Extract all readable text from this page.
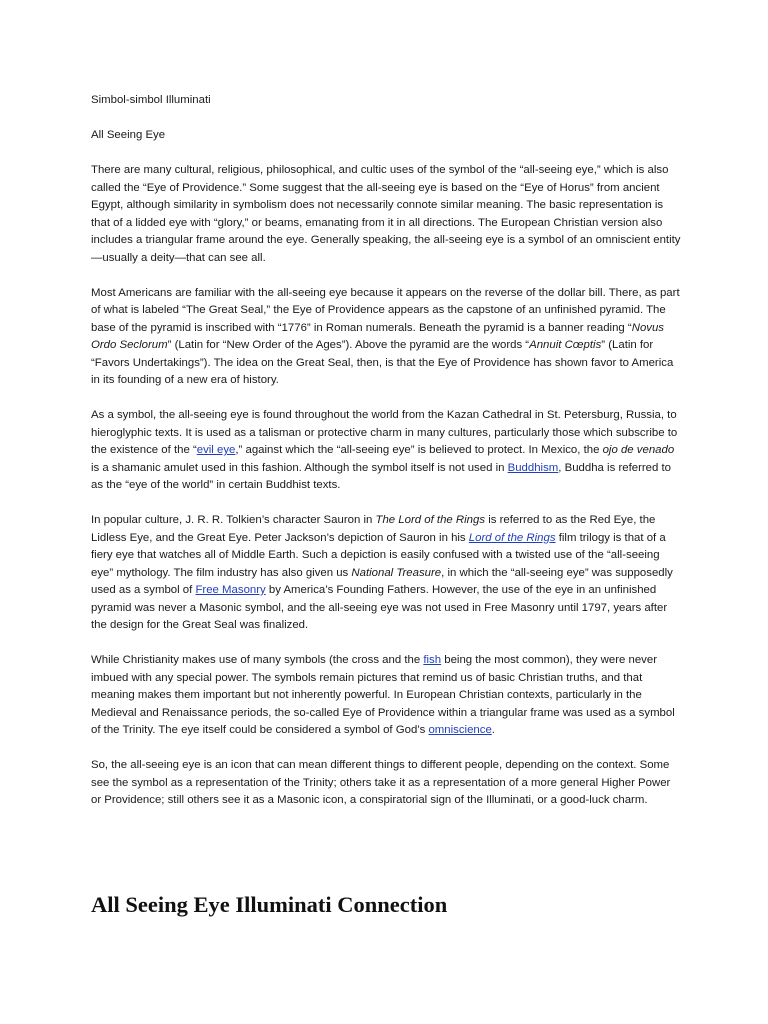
Simbol-simbol Illuminati

All Seeing Eye

There are many cultural, religious, philosophical, and cultic uses of the symbol of the “all-seeing eye,” which is also called the “Eye of Providence.” Some suggest that the all-seeing eye is based on the “Eye of Horus” from ancient Egypt, although similarity in symbolism does not necessarily connote similar meaning. The basic representation is that of a lidded eye with “glory,” or beams, emanating from it in all directions. The European Christian version also includes a triangular frame around the eye. Generally speaking, the all-seeing eye is a symbol of an omniscient entity—usually a deity—that can see all.

Most Americans are familiar with the all-seeing eye because it appears on the reverse of the dollar bill. There, as part of what is labeled “The Great Seal,” the Eye of Providence appears as the capstone of an unfinished pyramid. The base of the pyramid is inscribed with “1776” in Roman numerals. Beneath the pyramid is a banner reading “Novus Ordo Seclorum” (Latin for “New Order of the Ages”). Above the pyramid are the words “Annuit Cœptis” (Latin for “Favors Undertakings”). The idea on the Great Seal, then, is that the Eye of Providence has shown favor to America in its founding of a new era of history.

As a symbol, the all-seeing eye is found throughout the world from the Kazan Cathedral in St. Petersburg, Russia, to hieroglyphic texts. It is used as a talisman or protective charm in many cultures, particularly those which subscribe to the existence of the “evil eye,” against which the “all-seeing eye” is believed to protect. In Mexico, the ojo de venado is a shamanic amulet used in this fashion. Although the symbol itself is not used in Buddhism, Buddha is referred to as the “eye of the world” in certain Buddhist texts.

In popular culture, J. R. R. Tolkien’s character Sauron in The Lord of the Rings is referred to as the Red Eye, the Lidless Eye, and the Great Eye. Peter Jackson’s depiction of Sauron in his Lord of the Rings film trilogy is that of a fiery eye that watches all of Middle Earth. Such a depiction is easily confused with a twisted use of the “all-seeing eye” mythology. The film industry has also given us National Treasure, in which the “all-seeing eye” was supposedly used as a symbol of Free Masonry by America’s Founding Fathers. However, the use of the eye in an unfinished pyramid was never a Masonic symbol, and the all-seeing eye was not used in Free Masonry until 1797, years after the design for the Great Seal was finalized.

While Christianity makes use of many symbols (the cross and the fish being the most common), they were never imbued with any special power. The symbols remain pictures that remind us of basic Christian truths, and that meaning makes them important but not inherently powerful. In European Christian contexts, particularly in the Medieval and Renaissance periods, the so-called Eye of Providence within a triangular frame was used as a symbol of the Trinity. The eye itself could be considered a symbol of God’s omniscience.

So, the all-seeing eye is an icon that can mean different things to different people, depending on the context. Some see the symbol as a representation of the Trinity; others take it as a representation of a more general Higher Power or Providence; still others see it as a Masonic icon, a conspiratorial sign of the Illuminati, or a good-luck charm.

All Seeing Eye Illuminati Connection
